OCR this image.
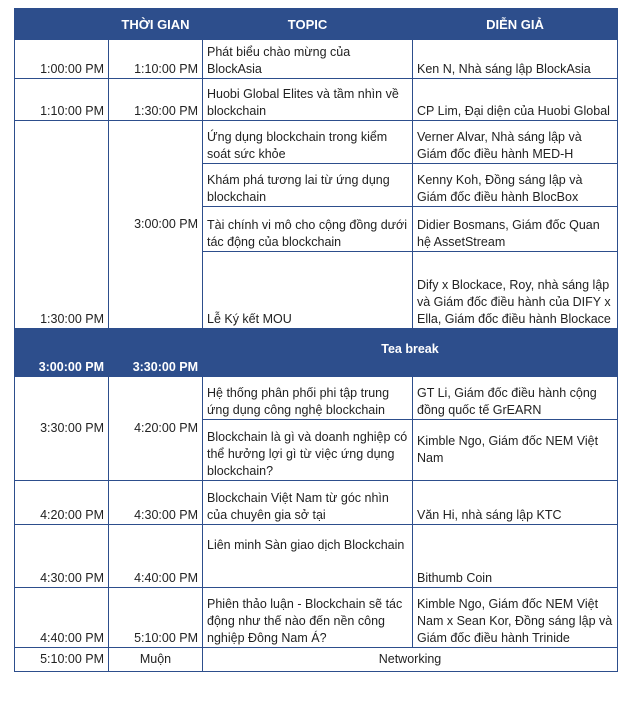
	THỜI GIAN	TOPIC	DIỄN GIẢ
1:00:00 PM	1:10:00 PM	Phát biểu chào mừng của BlockAsia	Ken N, Nhà sáng lập BlockAsia
1:10:00 PM	1:30:00 PM	Huobi Global Elites và tầm nhìn về blockchain	CP Lim, Đại diện của Huobi Global
1:30:00 PM	3:00:00 PM	Ứng dụng blockchain trong kiểm soát sức khỏe	Verner Alvar, Nhà sáng lập và Giám đốc điều hành MED-H
		Khám phá tương lai từ ứng dụng blockchain	Kenny Koh, Đồng sáng lập và Giám đốc điều hành BlocBox
		Tài chính vi mô cho cộng đồng dưới tác động của blockchain	Didier Bosmans, Giám đốc Quan hệ AssetStream
		Lễ Ký kết MOU	Dify x Blockace, Roy, nhà sáng lập và Giám đốc điều hành của DIFY x Ella, Giám đốc điều hành Blockace
3:00:00 PM	3:30:00 PM	Tea break	
3:30:00 PM	4:20:00 PM	Hệ thống phân phối phi tập trung ứng dụng công nghệ blockchain	GT Li, Giám đốc điều hành cộng đồng quốc tế GrEARN
		Blockchain là gì và doanh nghiệp có thể hưởng lợi gì từ việc ứng dụng blockchain?	Kimble Ngo, Giám đốc NEM Việt Nam
4:20:00 PM	4:30:00 PM	Blockchain Việt Nam từ góc nhìn của chuyên gia sở tại	Văn Hi, nhà sáng lập KTC
4:30:00 PM	4:40:00 PM	Liên minh Sàn giao dịch Blockchain	Bithumb Coin
4:40:00 PM	5:10:00 PM	Phiên thảo luận - Blockchain sẽ tác động như thế nào đến nền công nghiệp Đông Nam Á?	Kimble Ngo, Giám đốc NEM Việt Nam x Sean Kor, Đồng sáng lập và Giám đốc điều hành Trinide
5:10:00 PM	Muộn	Networking	
